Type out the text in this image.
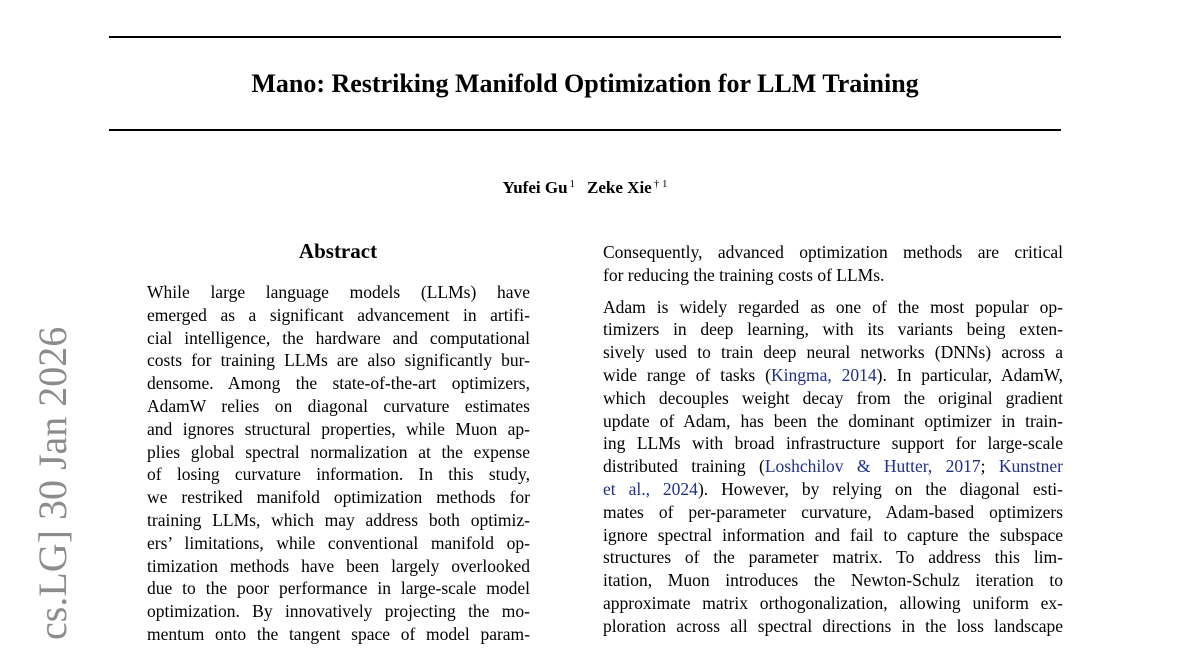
Mano: Restriking Manifold Optimization for LLM Training
Yufei Gu $^1$ Zeke Xie $^{\dagger 1}$
cs.LG] 30 Jan 2026
Abstract
While large language models (LLMs) have
emerged as a significant advancement in artifi-
cial intelligence, the hardware and computational
costs for training LLMs are also significantly bur-
densome. Among the state-of-the-art optimizers,
AdamW relies on diagonal curvature estimates
and ignores structural properties, while Muon ap-
plies global spectral normalization at the expense
of losing curvature information. In this study,
we restriked manifold optimization methods for
training LLMs, which may address both optimiz-
ers’ limitations, while conventional manifold op-
timization methods have been largely overlooked
due to the poor performance in large-scale model
optimization. By innovatively projecting the mo-
mentum onto the tangent space of model param-
Consequently, advanced optimization methods are critical
for reducing the training costs of LLMs.
Adam is widely regarded as one of the most popular op-
timizers in deep learning, with its variants being exten-
sively used to train deep neural networks (DNNs) across a
wide range of tasks (Kingma, 2014). In particular, AdamW,
which decouples weight decay from the original gradient
update of Adam, has been the dominant optimizer in train-
ing LLMs with broad infrastructure support for large-scale
distributed training (Loshchilov & Hutter, 2017; Kunstner
et al., 2024). However, by relying on the diagonal esti-
mates of per-parameter curvature, Adam-based optimizers
ignore spectral information and fail to capture the subspace
structures of the parameter matrix. To address this lim-
itation, Muon introduces the Newton-Schulz iteration to
approximate matrix orthogonalization, allowing uniform ex-
ploration across all spectral directions in the loss landscape
